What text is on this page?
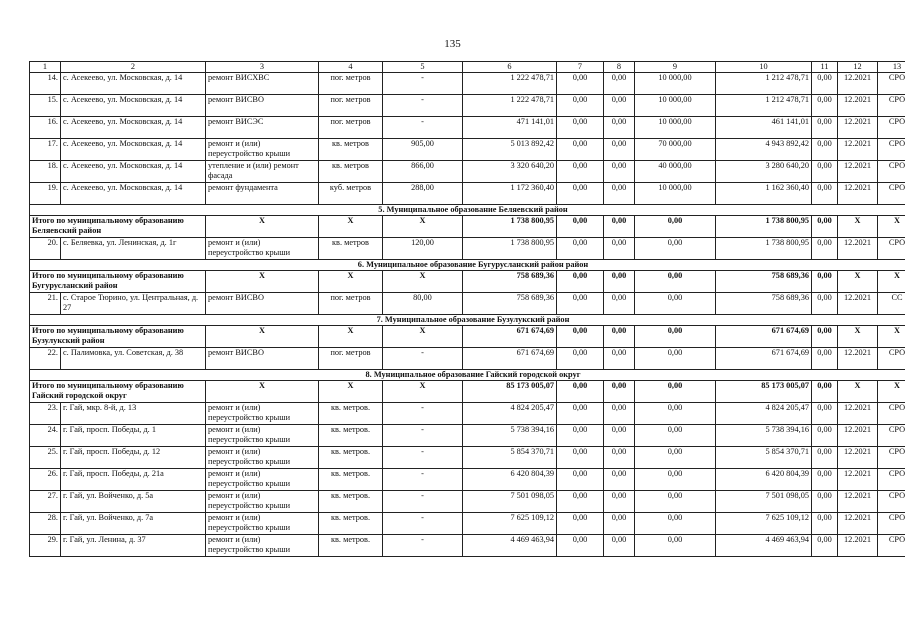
135
1	2	3	4	5	6	7	8	9	10	11	12	13
14.	с. Асекеево, ул. Московская, д. 14	ремонт ВИСХВС	пог. метров	-	1 222 478,71	0,00	0,00	10 000,00	1 212 478,71	0,00	12.2021	СРО
15.	с. Асекеево, ул. Московская, д. 14	ремонт ВИСВО	пог. метров	-	1 222 478,71	0,00	0,00	10 000,00	1 212 478,71	0,00	12.2021	СРО
16.	с. Асекеево, ул. Московская, д. 14	ремонт ВИСЭС	пог. метров	-	471 141,01	0,00	0,00	10 000,00	461 141,01	0,00	12.2021	СРО
17.	с. Асекеево, ул. Московская, д. 14	ремонт и (или) переустройство крыши	кв. метров	905,00	5 013 892,42	0,00	0,00	70 000,00	4 943 892,42	0,00	12.2021	СРО
18.	с. Асекеево, ул. Московская, д. 14	утепление и (или) ремонт фасада	кв. метров	866,00	3 320 640,20	0,00	0,00	40 000,00	3 280 640,20	0,00	12.2021	СРО
19.	с. Асекеево, ул. Московская, д. 14	ремонт фундамента	куб. метров	288,00	1 172 360,40	0,00	0,00	10 000,00	1 162 360,40	0,00	12.2021	СРО
5. Муниципальное образование Беляевский район												
Итого по муниципальному образованию Беляевский район		X	X	X	1 738 800,95	0,00	0,00	0,00	1 738 800,95	0,00	X	X
20.	с. Беляевка, ул. Ленинская, д. 1г	ремонт и (или) переустройство крыши	кв. метров	120,00	1 738 800,95	0,00	0,00	0,00	1 738 800,95	0,00	12.2021	СРО
6. Муниципальное образование Бугурусланский район район												
Итого по муниципальному образованию Бугурусланский район		X	X	X	758 689,36	0,00	0,00	0,00	758 689,36	0,00	X	X
21.	с. Старое Тюрино, ул. Центральная, д. 27	ремонт ВИСВО	пог. метров	80,00	758 689,36	0,00	0,00	0,00	758 689,36	0,00	12.2021	СС
7. Муниципальное образование Бузулукский район												
Итого по муниципальному образованию Бузулукский район		X	X	X	671 674,69	0,00	0,00	0,00	671 674,69	0,00	X	X
22.	с. Палимовка, ул. Советская, д. 38	ремонт ВИСВО	пог. метров	-	671 674,69	0,00	0,00	0,00	671 674,69	0,00	12.2021	СРО
8. Муниципальное образование Гайский городской округ												
Итого по муниципальному образованию Гайский городской округ		X	X	X	85 173 005,07	0,00	0,00	0,00	85 173 005,07	0,00	X	X
23.	г. Гай, мкр. 8-й, д. 13	ремонт и (или) переустройство крыши	кв. метров.	-	4 824 205,47	0,00	0,00	0,00	4 824 205,47	0,00	12.2021	СРО
24.	г. Гай, просп. Победы, д. 1	ремонт и (или) переустройство крыши	кв. метров.	-	5 738 394,16	0,00	0,00	0,00	5 738 394,16	0,00	12.2021	СРО
25.	г. Гай, просп. Победы, д. 12	ремонт и (или) переустройство крыши	кв. метров.	-	5 854 370,71	0,00	0,00	0,00	5 854 370,71	0,00	12.2021	СРО
26.	г. Гай, просп. Победы, д. 21а	ремонт и (или) переустройство крыши	кв. метров.	-	6 420 804,39	0,00	0,00	0,00	6 420 804,39	0,00	12.2021	СРО
27.	г. Гай, ул. Войченко, д. 5а	ремонт и (или) переустройство крыши	кв. метров.	-	7 501 098,05	0,00	0,00	0,00	7 501 098,05	0,00	12.2021	СРО
28.	г. Гай, ул. Войченко, д. 7а	ремонт и (или) переустройство крыши	кв. метров.	-	7 625 109,12	0,00	0,00	0,00	7 625 109,12	0,00	12.2021	СРО
29.	г. Гай, ул. Ленина, д. 37	ремонт и (или) переустройство крыши	кв. метров.	-	4 469 463,94	0,00	0,00	0,00	4 469 463,94	0,00	12.2021	СРО
